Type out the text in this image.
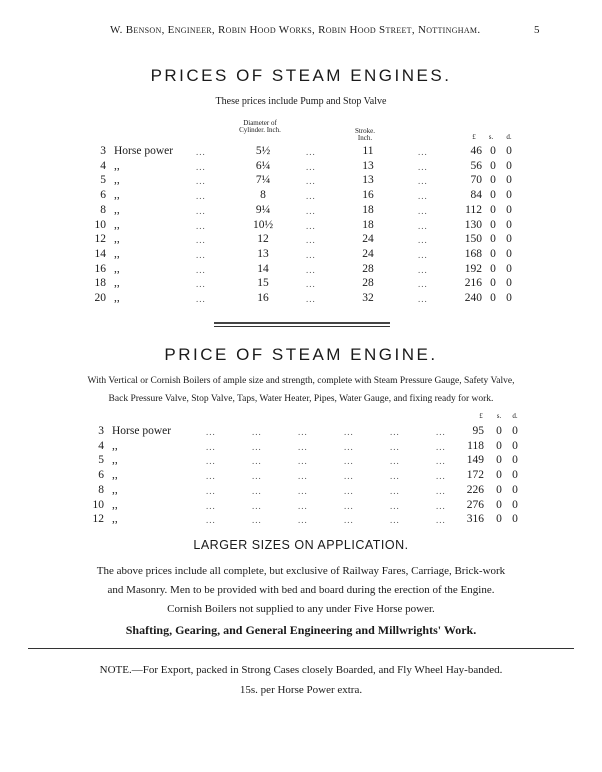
W. Benson, Engineer, Robin Hood Works, Robin Hood Street, Nottingham.	5
PRICES OF STEAM ENGINES.
These prices include Pump and Stop Valve
Diameter of Cylinder. Inch.	Stroke. Inch.	£	s.	d.
3 Horse power	...	5½	...	11	...	46 0 0
4 ,,	...	6¼	...	13	...	56 0 0
5 ,,	...	7¼	...	13	...	70 0 0
6 ,,	...	8	...	16	...	84 0 0
8 ,,	...	9¼	...	18	...	112 0 0
10 ,,	...	10½	...	18	...	130 0 0
12 ,,	...	12	...	24	...	150 0 0
14 ,,	...	13	...	24	...	168 0 0
16 ,,	...	14	...	28	...	192 0 0
18 ,,	...	15	...	28	...	216 0 0
20 ,,	...	16	...	32	...	240 0 0
PRICE OF STEAM ENGINE.
With Vertical or Cornish Boilers of ample size and strength, complete with Steam Pressure Gauge, Safety Valve,
Back Pressure Valve, Stop Valve, Taps, Water Heater, Pipes, Water Gauge, and fixing ready for work.
£	s.	d.
3 Horse power	...	...	...	...	...	...	95 0 0
4 ,,	...	...	...	...	...	...	118 0 0
5 ,,	...	...	...	...	...	...	149 0 0
6 ,,	...	...	...	...	...	...	172 0 0
8 ,,	...	...	...	...	...	...	226 0 0
10 ,,	...	...	...	...	...	...	276 0 0
12 ,,	...	...	...	...	...	...	316 0 0
LARGER SIZES ON APPLICATION.
The above prices include all complete, but exclusive of Railway Fares, Carriage, Brick-work
and Masonry. Men to be provided with bed and board during the erection of the Engine.
Cornish Boilers not supplied to any under Five Horse power.
Shafting, Gearing, and General Engineering and Millwrights' Work.
NOTE.—For Export, packed in Strong Cases closely Boarded, and Fly Wheel Hay-banded.
15s. per Horse Power extra.
